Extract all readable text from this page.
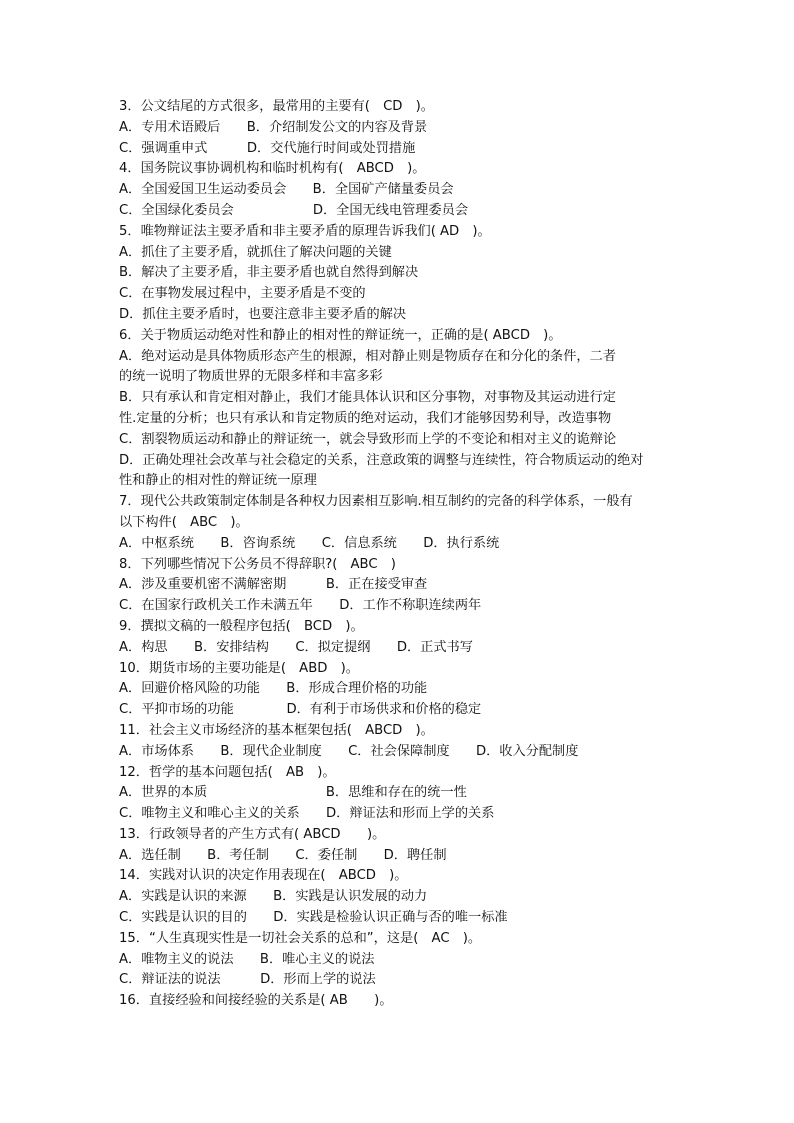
3．公文结尾的方式很多，最常用的主要有(　CD　)。
A．专用术语殿后　　B．介绍制发公文的内容及背景
C．强调重申式　　　D．交代施行时间或处罚措施
4．国务院议事协调机构和临时机构有(　ABCD　)。
A．全国爱国卫生运动委员会　　B．全国矿产储量委员会
C．全国绿化委员会　　　　　　D．全国无线电管理委员会
5．唯物辩证法主要矛盾和非主要矛盾的原理告诉我们( AD　)。
A．抓住了主要矛盾，就抓住了解决问题的关键
B．解决了主要矛盾，非主要矛盾也就自然得到解决
C．在事物发展过程中，主要矛盾是不变的
D．抓住主要矛盾时，也要注意非主要矛盾的解决
6．关于物质运动绝对性和静止的相对性的辩证统一，正确的是( ABCD　)。
A．绝对运动是具体物质形态产生的根源，相对静止则是物质存在和分化的条件，二者
的统一说明了物质世界的无限多样和丰富多彩
B．只有承认和肯定相对静止，我们才能具体认识和区分事物，对事物及其运动进行定
性.定量的分析；也只有承认和肯定物质的绝对运动，我们才能够因势利导，改造事物
C．割裂物质运动和静止的辩证统一，就会导致形而上学的不变论和相对主义的诡辩论
D．正确处理社会改革与社会稳定的关系，注意政策的调整与连续性，符合物质运动的绝对
性和静止的相对性的辩证统一原理
7．现代公共政策制定体制是各种权力因素相互影响.相互制约的完备的科学体系，一般有
以下构件(　ABC　)。
A．中枢系统　　B．咨询系统　　C．信息系统　　D．执行系统
8．下列哪些情况下公务员不得辞职?(　ABC　)
A．涉及重要机密不满解密期　　　B．正在接受审查
C．在国家行政机关工作未满五年　　D．工作不称职连续两年
9．撰拟文稿的一般程序包括(　BCD　)。
A．构思　　B．安排结构　　C．拟定提纲　　D．正式书写
10．期货市场的主要功能是(　ABD　)。
A．回避价格风险的功能　　B．形成合理价格的功能
C．平抑市场的功能　　　　D．有利于市场供求和价格的稳定
11．社会主义市场经济的基本框架包括(　ABCD　)。
A．市场体系　　B．现代企业制度　　C．社会保障制度　　D．收入分配制度
12．哲学的基本问题包括(　AB　)。
A．世界的本质　　　　　　　　　B．思维和存在的统一性
C．唯物主义和唯心主义的关系　　D．辩证法和形而上学的关系
13．行政领导者的产生方式有( ABCD　　)。
A．选任制　　B．考任制　　C．委任制　　D．聘任制
14．实践对认识的决定作用表现在(　ABCD　)。
A．实践是认识的来源　　B．实践是认识发展的动力
C．实践是认识的目的　　D．实践是检验认识正确与否的唯一标准
15．“人生真现实性是一切社会关系的总和”，这是(　AC　)。
A．唯物主义的说法　　B．唯心主义的说法
C．辩证法的说法　　　D．形而上学的说法
16．直接经验和间接经验的关系是( AB　　)。
